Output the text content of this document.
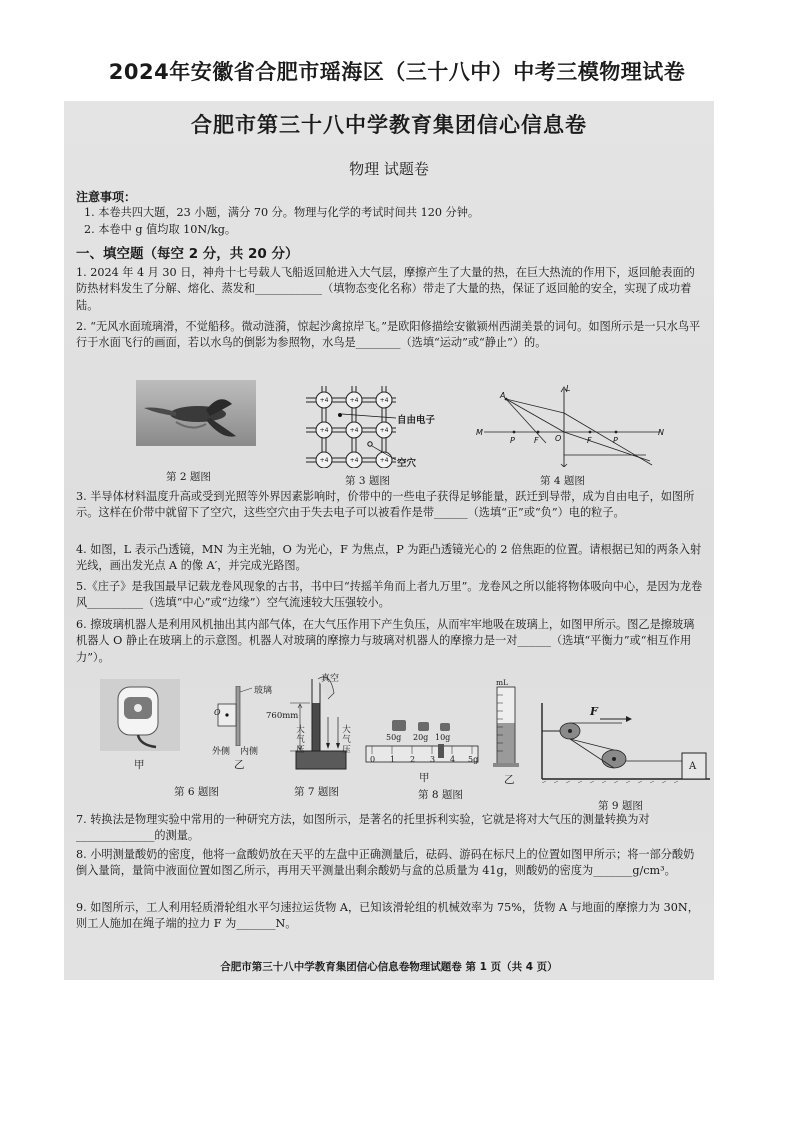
2024年安徽省合肥市瑶海区（三十八中）中考三模物理试卷
合肥市第三十八中学教育集团信心信息卷
物理 试题卷

注意事项：

1. 本卷共四大题，23 小题，满分 70 分。物理与化学的考试时间共 120 分钟。

2. 本卷中 g 值均取 10N/kg。

一、填空题（每空 2 分，共 20 分）
1. 2024 年 4 月 30 日，神舟十七号载人飞船返回舱进入大气层，摩擦产生了大量的热，在巨大热流的作用下，返回舱表面的防热材料发生了分解、熔化、蒸发和____________（填物态变化名称）带走了大量的热，保证了返回舱的安全，实现了成功着陆。
2. “无风水面琉璃滑，不觉船移。微动涟漪，惊起沙禽掠岸飞。”是欧阳修描绘安徽颍州西湖美景的词句。如图所示是一只水鸟平行于水面飞行的画面，若以水鸟的倒影为参照物，水鸟是________（选填“运动”或“静止”）的。
第 2 题图
+4	+4	+4
+4	+4	+4
+4	+4	+4
自由电子
空穴
第 3 题图
L
M	N
A
P F O	F	P
第 4 题图
3. 半导体材料温度升高或受到光照等外界因素影响时，价带中的一些电子获得足够能量，跃迁到导带，成为自由电子，如图所示。这样在价带中就留下了空穴，这些空穴由于失去电子可以被看作是带______（选填“正”或“负”）电的粒子。
4. 如图，L 表示凸透镜，MN 为主光轴，O 为光心，F 为焦点，P 为距凸透镜光心的 2 倍焦距的位置。请根据已知的两条入射光线，画出发光点 A 的像 A′，并完成光路图。
5.《庄子》是我国最早记载龙卷风现象的古书，书中曰“抟摇羊角而上者九万里”。龙卷风之所以能将物体吸向中心，是因为龙卷风__________（选填“中心”或“边缘”）空气流速较大压强较小。
6. 擦玻璃机器人是利用风机抽出其内部气体，在大气压作用下产生负压，从而牢牢地吸在玻璃上，如图甲所示。图乙是擦玻璃机器人 O 静止在玻璃上的示意图。机器人对玻璃的摩擦力与玻璃对机器人的摩擦力是一对______（选填“平衡力”或“相互作用力”）。
甲
玻璃
O
外侧 内侧
乙
第 6 题图
真空
760mm
大气压
大气压
第 7 题图
50g 20g 10g
0 1 2 3 4 5g
甲
mL
乙
第 8 题图
F
A
第 9 题图
7. 转换法是物理实验中常用的一种研究方法，如图所示，是著名的托里拆利实验，它就是将对大气压的测量转换为对______________的测量。
8. 小明测量酸奶的密度，他将一盒酸奶放在天平的左盘中正确测量后，砝码、游码在标尺上的位置如图甲所示；将一部分酸奶倒入量筒，量筒中液面位置如图乙所示，再用天平测量出剩余酸奶与盒的总质量为 41g，则酸奶的密度为_______g/cm³。
9. 如图所示，工人利用轻质滑轮组水平匀速拉运货物 A，已知该滑轮组的机械效率为 75%，货物 A 与地面的摩擦力为 30N，则工人施加在绳子端的拉力 F 为_______N。
合肥市第三十八中学教育集团信心信息卷物理试题卷 第 1 页（共 4 页）
